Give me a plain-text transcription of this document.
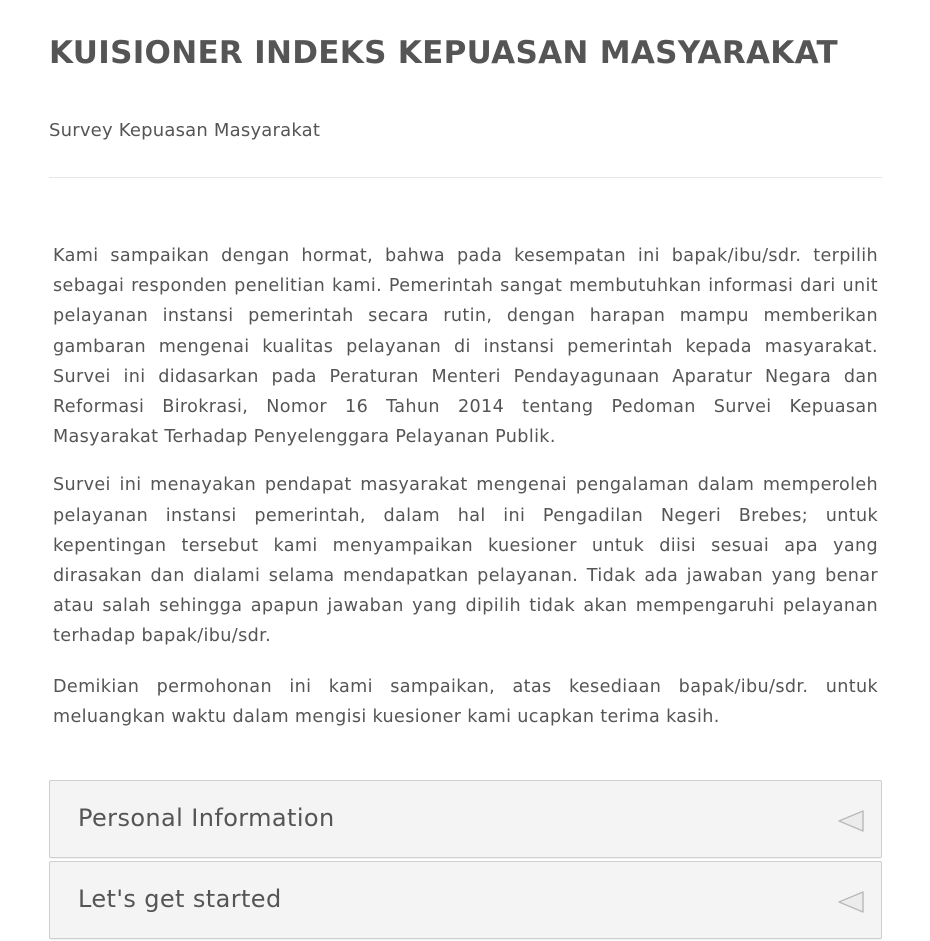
KUISIONER INDEKS KEPUASAN MASYARAKAT
Survey Kepuasan Masyarakat

Kami sampaikan dengan hormat, bahwa pada kesempatan ini bapak/ibu/sdr. terpilih sebagai responden penelitian kami. Pemerintah sangat membutuhkan informasi dari unit pelayanan instansi pemerintah secara rutin, dengan harapan mampu memberikan gambaran mengenai kualitas pelayanan di instansi pemerintah kepada masyarakat. Survei ini didasarkan pada Peraturan Menteri Pendayagunaan Aparatur Negara dan Reformasi Birokrasi, Nomor 16 Tahun 2014 tentang Pedoman Survei Kepuasan Masyarakat Terhadap Penyelenggara Pelayanan Publik.

Survei ini menayakan pendapat masyarakat mengenai pengalaman dalam memperoleh pelayanan instansi pemerintah, dalam hal ini Pengadilan Negeri Brebes; untuk kepentingan tersebut kami menyampaikan kuesioner untuk diisi sesuai apa yang dirasakan dan dialami selama mendapatkan pelayanan. Tidak ada jawaban yang benar atau salah sehingga apapun jawaban yang dipilih tidak akan mempengaruhi pelayanan terhadap bapak/ibu/sdr.

Demikian permohonan ini kami sampaikan, atas kesediaan bapak/ibu/sdr. untuk meluangkan waktu dalam mengisi kuesioner kami ucapkan terima kasih.

Personal Information
Let's get started
